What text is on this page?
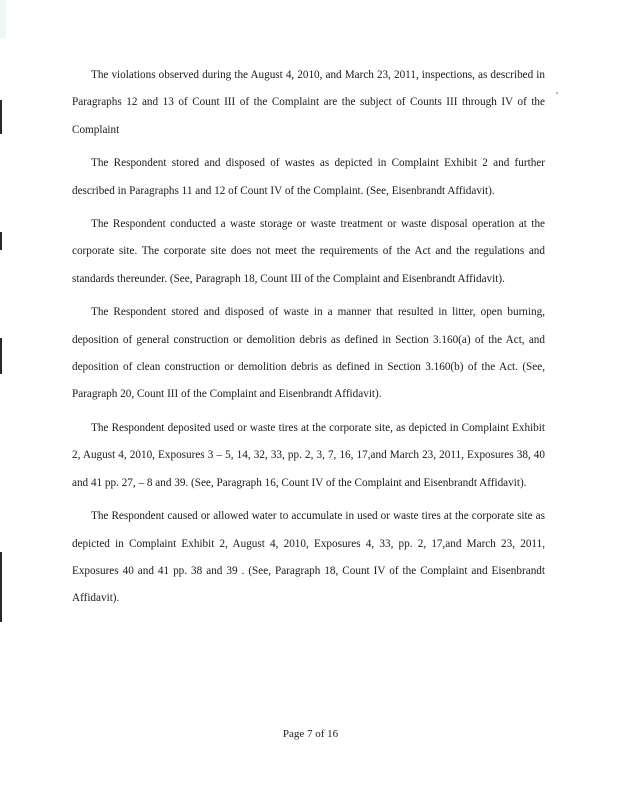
The violations observed during the August 4, 2010, and March 23, 2011, inspections, as described in Paragraphs 12 and 13 of Count III of the Complaint are the subject of Counts III through IV of the Complaint

The Respondent stored and disposed of wastes as depicted in Complaint Exhibit 2 and further described in Paragraphs 11 and 12 of Count IV of the Complaint. (See, Eisenbrandt Affidavit).

The Respondent conducted a waste storage or waste treatment or waste disposal operation at the corporate site. The corporate site does not meet the requirements of the Act and the regulations and standards thereunder. (See, Paragraph 18, Count III of the Complaint and Eisenbrandt Affidavit).

The Respondent stored and disposed of waste in a manner that resulted in litter, open burning, deposition of general construction or demolition debris as defined in Section 3.160(a) of the Act, and deposition of clean construction or demolition debris as defined in Section 3.160(b) of the Act. (See, Paragraph 20, Count III of the Complaint and Eisenbrandt Affidavit).

The Respondent deposited used or waste tires at the corporate site, as depicted in Complaint Exhibit 2, August 4, 2010, Exposures 3 – 5, 14, 32, 33, pp. 2, 3, 7, 16, 17,and March 23, 2011, Exposures 38, 40 and 41 pp. 27, – 8 and 39. (See, Paragraph 16, Count IV of the Complaint and Eisenbrandt Affidavit).

The Respondent caused or allowed water to accumulate in used or waste tires at the corporate site as depicted in Complaint Exhibit 2, August 4, 2010, Exposures 4, 33, pp. 2, 17,and March 23, 2011, Exposures 40 and 41 pp. 38 and 39 . (See, Paragraph 18, Count IV of the Complaint and Eisenbrandt Affidavit).

Page 7 of 16
